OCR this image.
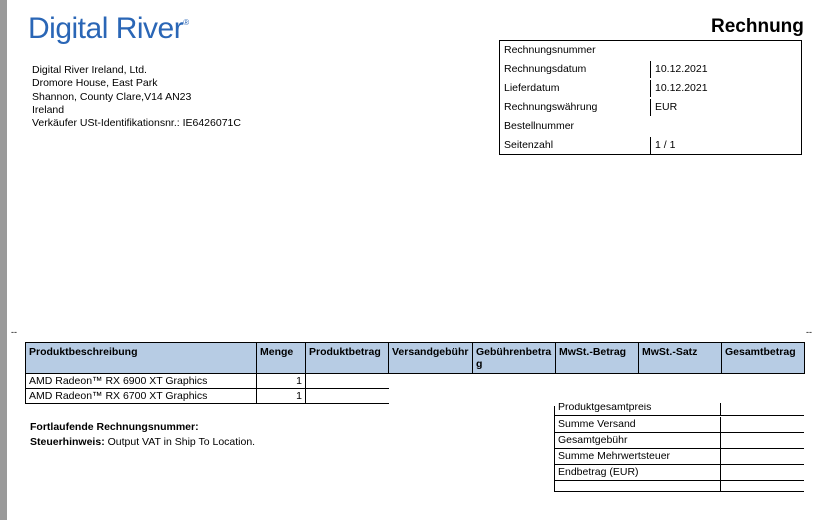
Digital River®
Digital River Ireland, Ltd.
Dromore House, East Park
Shannon, County Clare,V14 AN23
Ireland
Verkäufer USt-Identifikationsnr.: IE6426071C
Rechnung
Rechnungsnummer
Rechnungsdatum	10.12.2021
Lieferdatum	10.12.2021
Rechnungswährung	EUR
Bestellnummer
Seitenzahl	1 / 1
--	--
Produktbeschreibung	Menge	Produktbetrag	Versandgebühr	Gebührenbetrag	MwSt.-Betrag	MwSt.-Satz	Gesamtbetrag
AMD Radeon™ RX 6900 XT Graphics	1						
AMD Radeon™ RX 6700 XT Graphics	1						
Fortlaufende Rechnungsnummer:
Steuerhinweis: Output VAT in Ship To Location.
Produktgesamtpreis
Summe Versand
Gesamtgebühr
Summe Mehrwertsteuer
Endbetrag (EUR)
